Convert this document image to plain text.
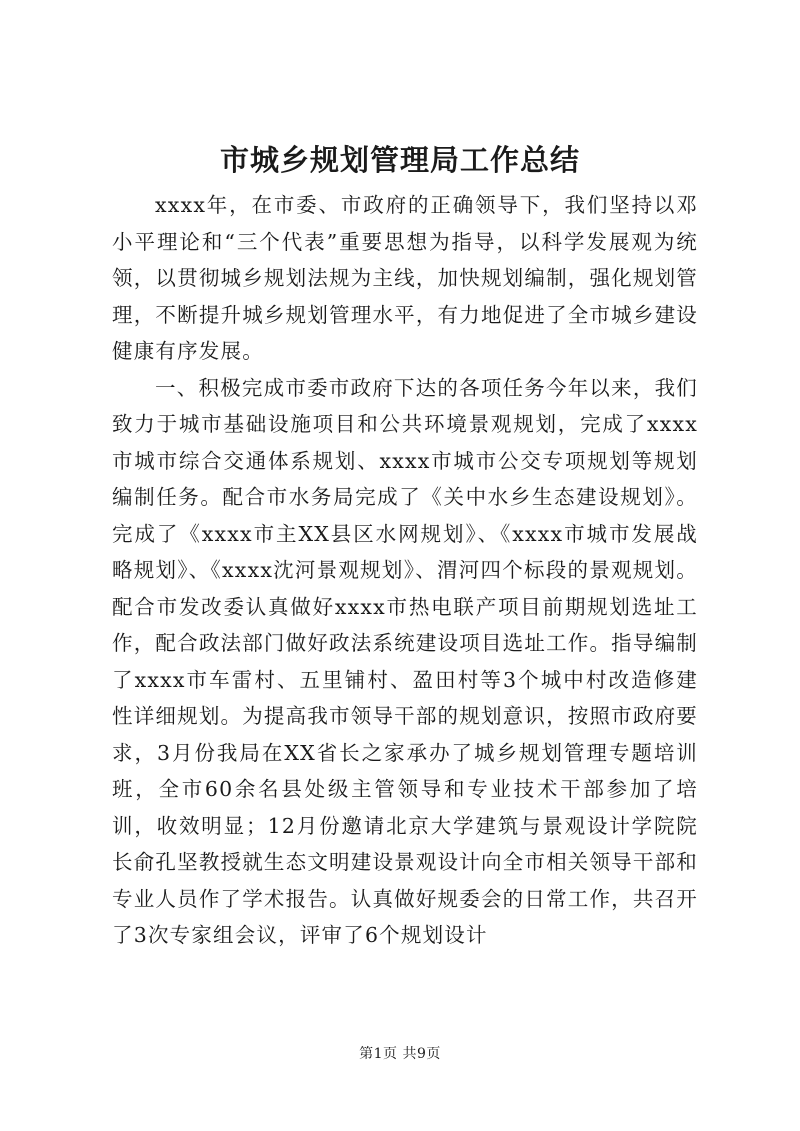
市城乡规划管理局工作总结

xxxx年，在市委、市政府的正确领导下，我们坚持以邓小平理论和“三个代表”重要思想为指导，以科学发展观为统领，以贯彻城乡规划法规为主线，加快规划编制，强化规划管理，不断提升城乡规划管理水平，有力地促进了全市城乡建设健康有序发展。

一、积极完成市委市政府下达的各项任务今年以来，我们致力于城市基础设施项目和公共环境景观规划，完成了xxxx市城市综合交通体系规划、xxxx市城市公交专项规划等规划编制任务。配合市水务局完成了《关中水乡生态建设规划》。完成了《xxxx市主XX县区水网规划》、《xxxx市城市发展战略规划》、《xxxx沈河景观规划》、渭河四个标段的景观规划。配合市发改委认真做好xxxx市热电联产项目前期规划选址工作，配合政法部门做好政法系统建设项目选址工作。指导编制了xxxx市车雷村、五里铺村、盈田村等3个城中村改造修建性详细规划。为提高我市领导干部的规划意识，按照市政府要求，3月份我局在XX省长之家承办了城乡规划管理专题培训班，全市60余名县处级主管领导和专业技术干部参加了培训，收效明显；12月份邀请北京大学建筑与景观设计学院院长俞孔坚教授就生态文明建设景观设计向全市相关领导干部和专业人员作了学术报告。认真做好规委会的日常工作，共召开了3次专家组会议，评审了6个规划设计

第1页 共9页
